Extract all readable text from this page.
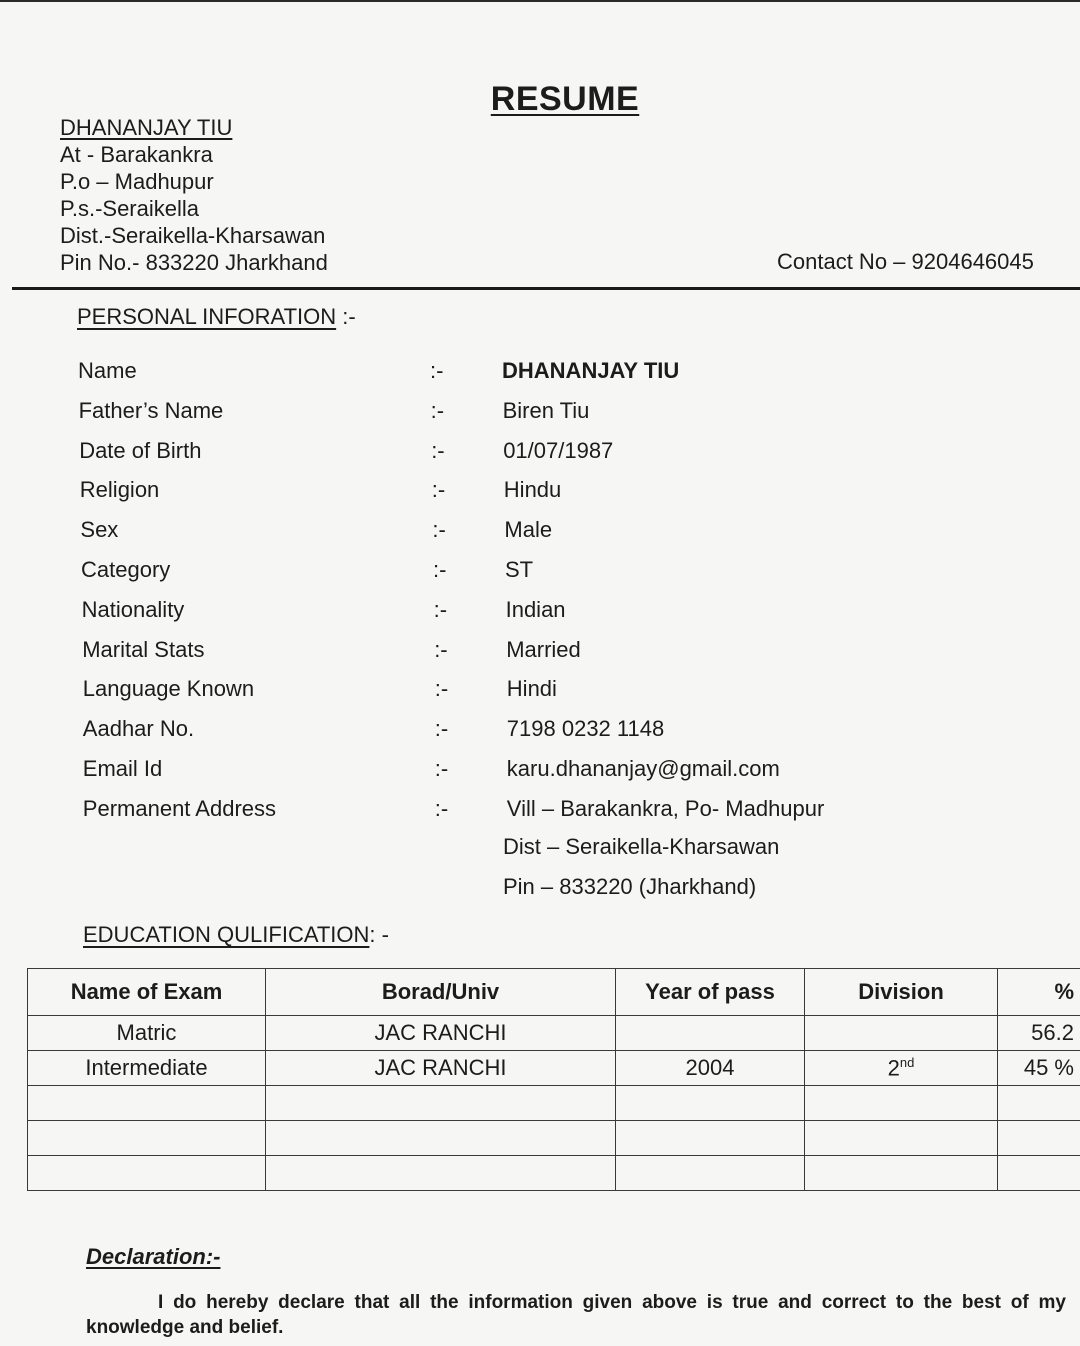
RESUME
DHANANJAY TIU
At - Barakankra
P.o – Madhupur
P.s.-Seraikella
Dist.-Seraikella-Kharsawan
Pin No.- 833220 Jharkhand	Contact No – 9204646045
PERSONAL INFORATION :-
Name	:-	DHANANJAY TIU
Father’s Name	:-	Biren Tiu
Date of Birth	:-	01/07/1987
Religion	:-	Hindu
Sex	:-	Male
Category	:-	ST
Nationality	:-	Indian
Marital Stats	:-	Married
Language Known	:-	Hindi
Aadhar No.	:-	7198 0232 1148
Email Id	:-	karu.dhananjay@gmail.com
Permanent Address	:-	Vill – Barakankra, Po- Madhupur
Dist – Seraikella-Kharsawan
Pin – 833220 (Jharkhand)
EDUCATION QULIFICATION: -
Name of Exam	Borad/Univ	Year of pass	Division	%
Matric	JAC RANCHI			56.2
Intermediate	JAC RANCHI	2004	2nd	45 %

Declaration:-
I do hereby declare that all the information given above is true and correct to the best of my knowledge and belief.
